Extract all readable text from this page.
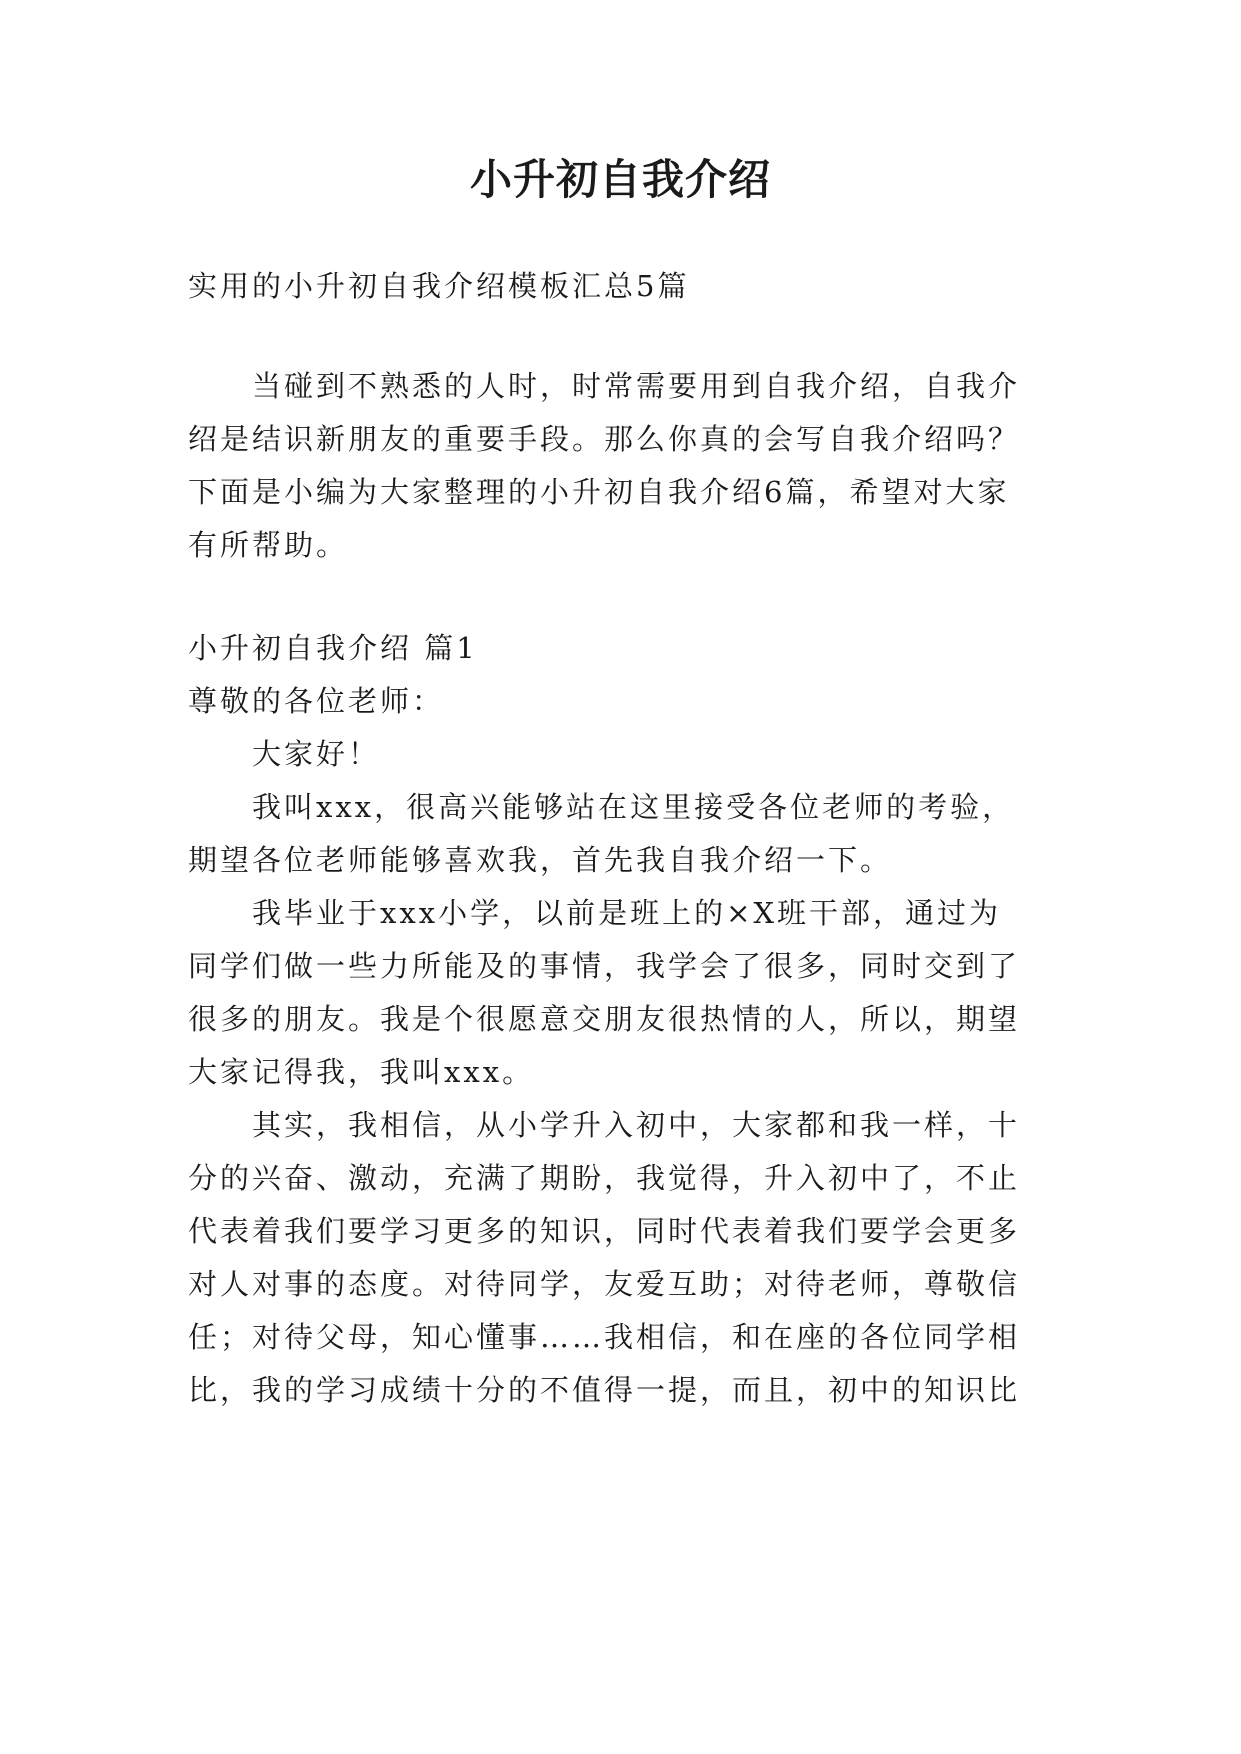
小升初自我介绍
实用的小升初自我介绍模板汇总5篇
当碰到不熟悉的人时，时常需要用到自我介绍，自我介
绍是结识新朋友的重要手段。那么你真的会写自我介绍吗？
下面是小编为大家整理的小升初自我介绍6篇，希望对大家
有所帮助。
小升初自我介绍 篇1
尊敬的各位老师：
大家好！
我叫xxx，很高兴能够站在这里接受各位老师的考验，
期望各位老师能够喜欢我，首先我自我介绍一下。
我毕业于xxx小学，以前是班上的×X班干部，通过为
同学们做一些力所能及的事情，我学会了很多，同时交到了
很多的朋友。我是个很愿意交朋友很热情的人，所以，期望
大家记得我，我叫xxx。
其实，我相信，从小学升入初中，大家都和我一样，十
分的兴奋、激动，充满了期盼，我觉得，升入初中了，不止
代表着我们要学习更多的知识，同时代表着我们要学会更多
对人对事的态度。对待同学，友爱互助；对待老师，尊敬信
任；对待父母，知心懂事……我相信，和在座的各位同学相
比，我的学习成绩十分的不值得一提，而且，初中的知识比
